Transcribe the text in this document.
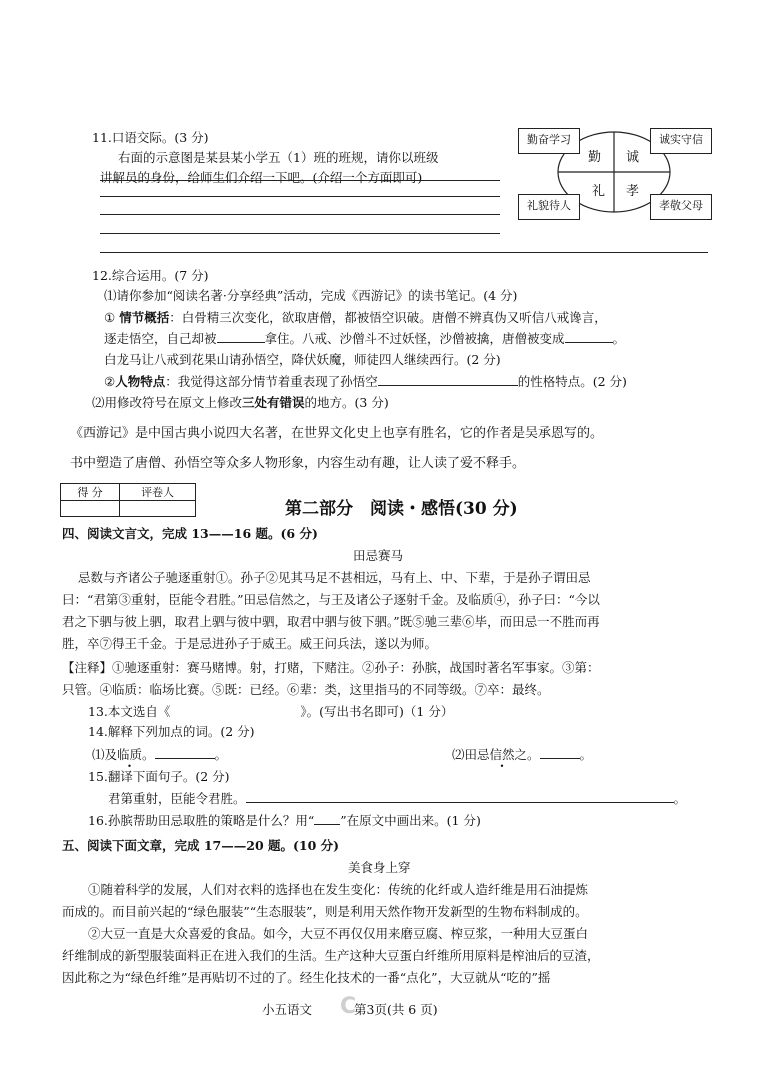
11.口语交际。(3 分)
右面的示意图是某县某小学五（1）班的班规，请你以班级
讲解员的身份，给师生们介绍一下吧。(介绍一个方面即可)
勤奋学习	诚实守信
礼貌待人	孝敬父母
勤 诚
礼 孝
12.综合运用。(7 分)
⑴请你参加“阅读名著·分享经典”活动，完成《西游记》的读书笔记。(4 分)
① 情节概括：白骨精三次变化，欲取唐僧，都被悟空识破。唐僧不辨真伪又听信八戒谗言，
逐走悟空，自己却被	拿住。八戒、沙僧斗不过妖怪，沙僧被擒，唐僧被变成	。
白龙马让八戒到花果山请孙悟空，降伏妖魔，师徒四人继续西行。(2 分)
②人物特点：我觉得这部分情节着重表现了孙悟空	的性格特点。(2 分)
⑵用修改符号在原文上修改三处有错误的地方。(3 分)
《西游记》是中国古典小说四大名著，在世界文化史上也享有胜名，它的作者是吴承恩写的。
书中塑造了唐僧、孙悟空等众多人物形象，内容生动有趣，让人读了爱不释手。
得 分	评卷人

第二部分　阅读・感悟(30 分)
四、阅读文言文，完成 13——16 题。(6 分)
田忌赛马
忌数与齐诸公子驰逐重射①。孙子②见其马足不甚相远，马有上、中、下辈，于是孙子谓田忌
曰：“君第③重射，臣能令君胜。”田忌信然之，与王及诸公子逐射千金。及临质④，孙子曰：“今以
君之下驷与彼上驷，取君上驷与彼中驷，取君中驷与彼下驷。”既⑤驰三辈⑥毕，而田忌一不胜而再
胜，卒⑦得王千金。于是忌进孙子于威王。威王问兵法，遂以为师。
【注释】①驰逐重射：赛马赌博。射，打赌，下赌注。②孙子：孙膑，战国时著名军事家。③第：
只管。④临质：临场比赛。⑤既：已经。⑥辈：类，这里指马的不同等级。⑦卒：最终。
13.本文选自《	》。(写出书名即可)（1 分）
14.解释下列加点的词。(2 分)
⑴及临质。	。	⑵田忌信然之。	。
15.翻译下面句子。(2 分)
君第重射，臣能令君胜。	。
16.孙膑帮助田忌取胜的策略是什么？用“ ”在原文中画出来。(1 分)
五、阅读下面文章，完成 17——20 题。(10 分)
美食身上穿
①随着科学的发展，人们对衣料的选择也在发生变化：传统的化纤或人造纤维是用石油提炼
而成的。而目前兴起的“绿色服装”“生态服装”，则是利用天然作物开发新型的生物布料制成的。
②大豆一直是大众喜爱的食品。如今，大豆不再仅仅用来磨豆腐、榨豆浆，一种用大豆蛋白
纤维制成的新型服装面料正在进入我们的生活。生产这种大豆蛋白纤维所用原料是榨油后的豆渣，
因此称之为“绿色纤维”是再贴切不过的了。经生化技术的一番“点化”，大豆就从“吃的”摇
C
小五语文	第3页(共 6 页)
